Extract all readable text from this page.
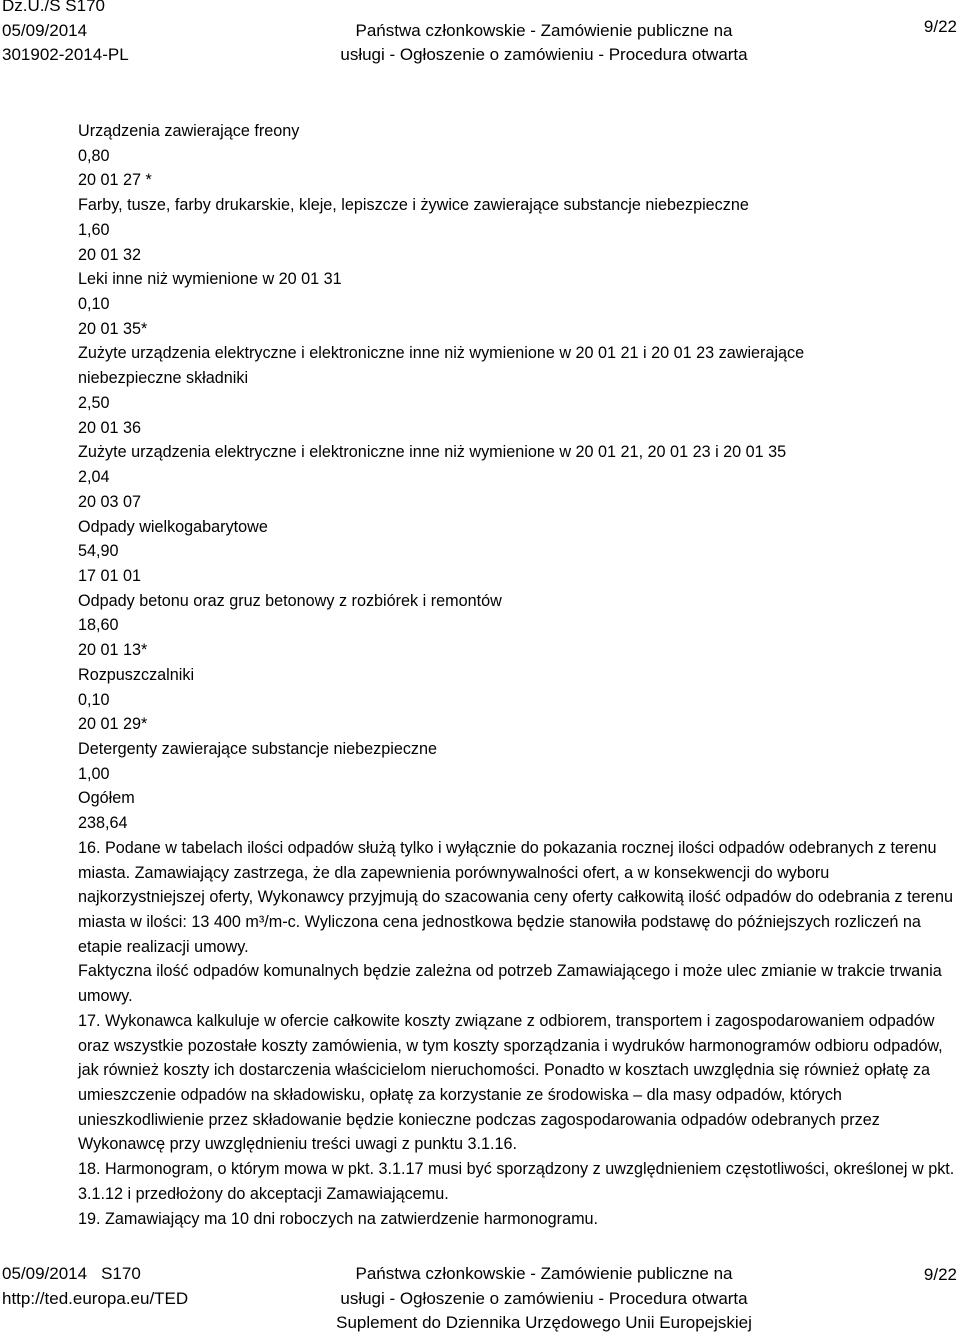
Dz.U./S S170
05/09/2014
301902-2014-PL
Państwa członkowskie - Zamówienie publiczne na
usługi - Ogłoszenie o zamówieniu - Procedura otwarta
9/22

Urządzenia zawierające freony

0,80

20 01 27 *

Farby, tusze, farby drukarskie, kleje, lepiszcze i żywice zawierające substancje niebezpieczne

1,60

20 01 32

Leki inne niż wymienione w 20 01 31

0,10

20 01 35*

Zużyte urządzenia elektryczne i elektroniczne inne niż wymienione w 20 01 21 i 20 01 23 zawierające niebezpieczne składniki

2,50

20 01 36

Zużyte urządzenia elektryczne i elektroniczne inne niż wymienione w 20 01 21, 20 01 23 i 20 01 35

2,04

20 03 07

Odpady wielkogabarytowe

54,90

17 01 01

Odpady betonu oraz gruz betonowy z rozbiórek i remontów

18,60

20 01 13*

Rozpuszczalniki

0,10

20 01 29*

Detergenty zawierające substancje niebezpieczne

1,00

Ogółem

238,64

16. Podane w tabelach ilości odpadów służą tylko i wyłącznie do pokazania rocznej ilości odpadów odebranych z terenu miasta. Zamawiający zastrzega, że dla zapewnienia porównywalności ofert, a w konsekwencji do wyboru najkorzystniejszej oferty, Wykonawcy przyjmują do szacowania ceny oferty całkowitą ilość odpadów do odebrania z terenu miasta w ilości: 13 400 m³/m-c. Wyliczona cena jednostkowa będzie stanowiła podstawę do późniejszych rozliczeń na etapie realizacji umowy.

Faktyczna ilość odpadów komunalnych będzie zależna od potrzeb Zamawiającego i może ulec zmianie w trakcie trwania umowy.

17. Wykonawca kalkuluje w ofercie całkowite koszty związane z odbiorem, transportem i zagospodarowaniem odpadów oraz wszystkie pozostałe koszty zamówienia, w tym koszty sporządzania i wydruków harmonogramów odbioru odpadów, jak również koszty ich dostarczenia właścicielom nieruchomości. Ponadto w kosztach uwzględnia się również opłatę za umieszczenie odpadów na składowisku, opłatę za korzystanie ze środowiska – dla masy odpadów, których unieszkodliwienie przez składowanie będzie konieczne podczas zagospodarowania odpadów odebranych przez Wykonawcę przy uwzględnieniu treści uwagi z punktu 3.1.16.

18. Harmonogram, o którym mowa w pkt. 3.1.17 musi być sporządzony z uwzględnieniem częstotliwości, określonej w pkt. 3.1.12 i przedłożony do akceptacji Zamawiającemu.

19. Zamawiający ma 10 dni roboczych na zatwierdzenie harmonogramu.

05/09/2014 S170
http://ted.europa.eu/TED
Państwa członkowskie - Zamówienie publiczne na
usługi - Ogłoszenie o zamówieniu - Procedura otwarta
Suplement do Dziennika Urzędowego Unii Europejskiej
9/22
